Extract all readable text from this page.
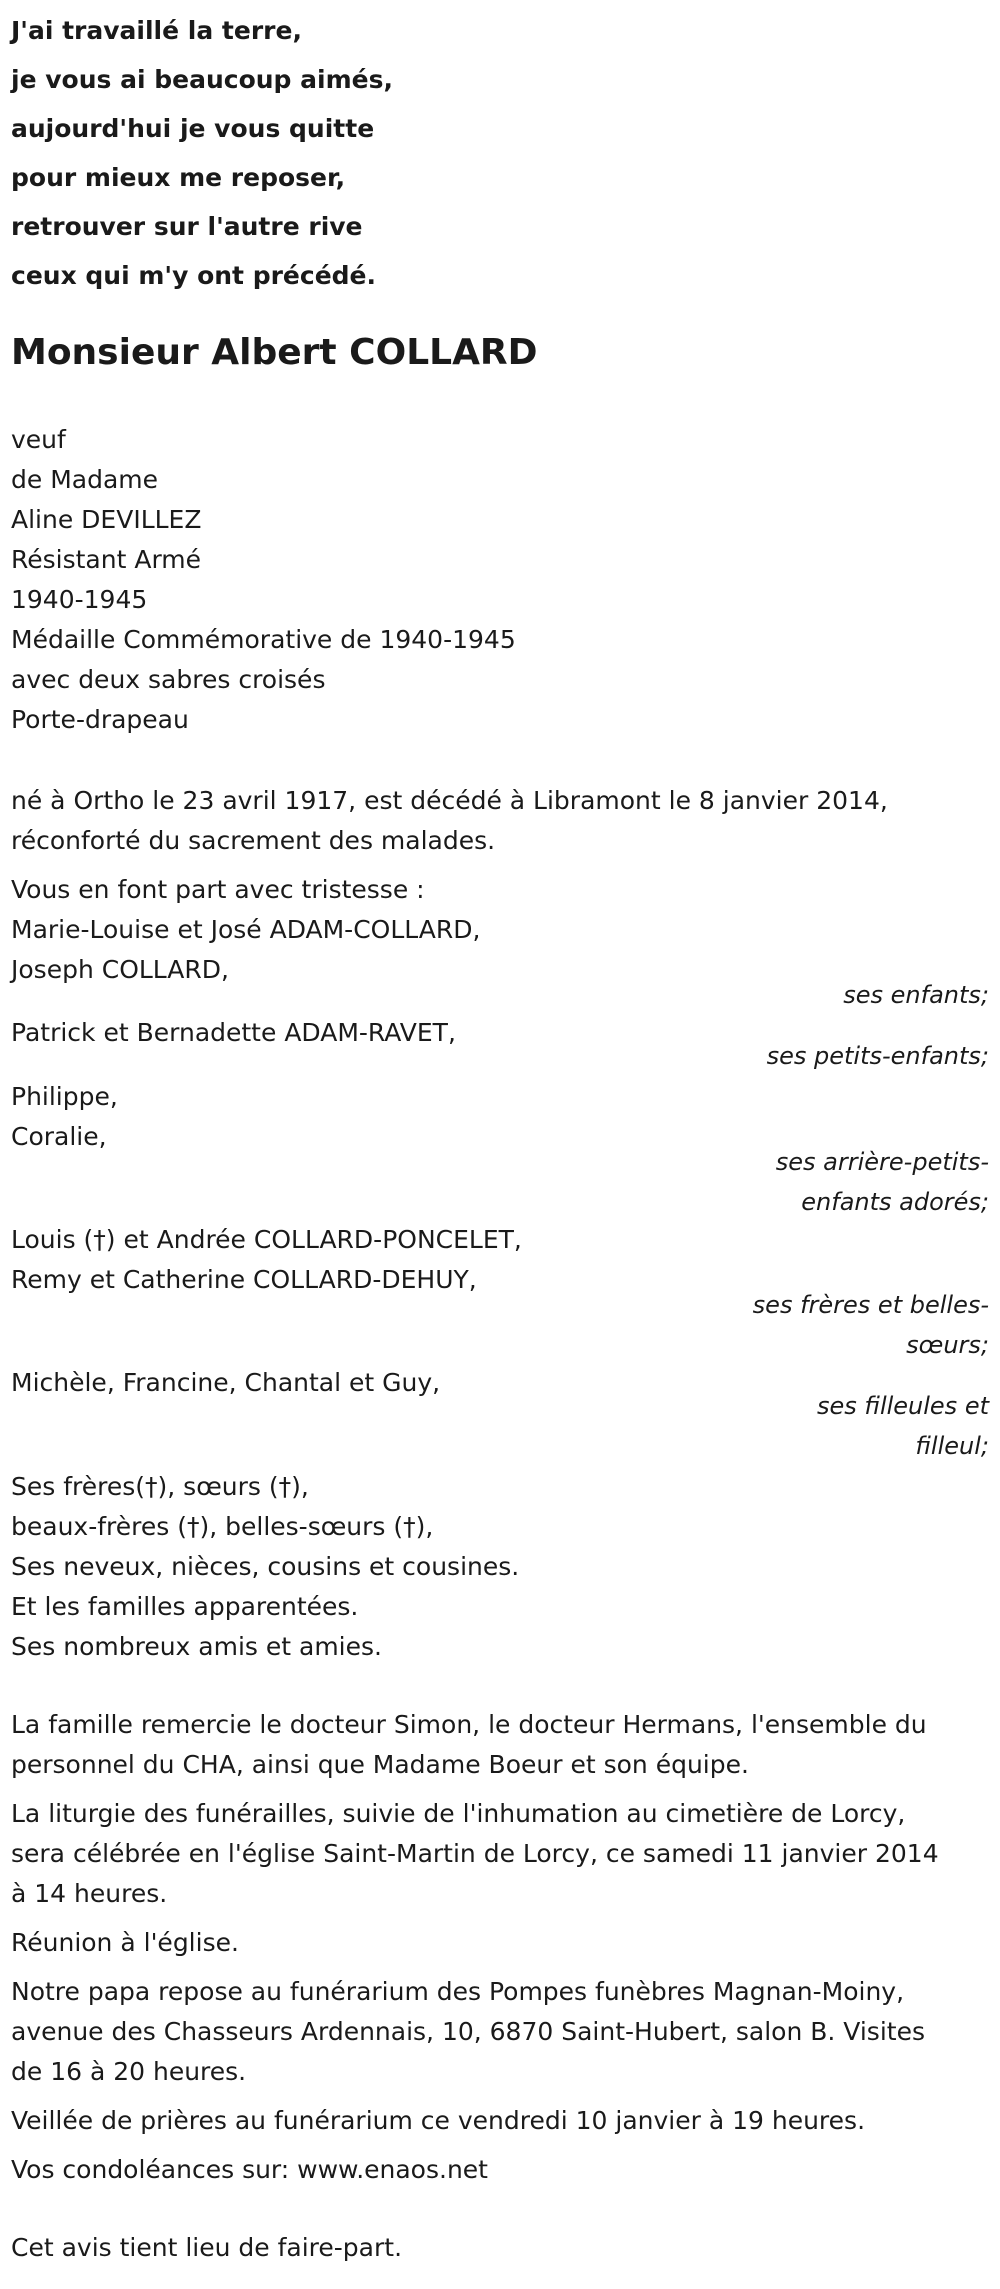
J'ai travaillé la terre,
je vous ai beaucoup aimés,
aujourd'hui je vous quitte
pour mieux me reposer,
retrouver sur l'autre rive
ceux qui m'y ont précédé.
Monsieur Albert COLLARD
veuf
de Madame
Aline DEVILLEZ
Résistant Armé
1940-1945
Médaille Commémorative de 1940-1945
avec deux sabres croisés
Porte-drapeau
né à Ortho le 23 avril 1917, est décédé à Libramont le 8 janvier 2014,
réconforté du sacrement des malades.
Vous en font part avec tristesse :
Marie-Louise et José ADAM-COLLARD,
Joseph COLLARD,
ses enfants;
Patrick et Bernadette ADAM-RAVET,
ses petits-enfants;
Philippe,
Coralie,
ses arrière-petits-
enfants adorés;
Louis (†) et Andrée COLLARD-PONCELET,
Remy et Catherine COLLARD-DEHUY,
ses frères et belles-
sœurs;
Michèle, Francine, Chantal et Guy,
ses filleules et
filleul;
Ses frères(†), sœurs (†),
beaux-frères (†), belles-sœurs (†),
Ses neveux, nièces, cousins et cousines.
Et les familles apparentées.
Ses nombreux amis et amies.
La famille remercie le docteur Simon, le docteur Hermans, l'ensemble du
personnel du CHA, ainsi que Madame Boeur et son équipe.
La liturgie des funérailles, suivie de l'inhumation au cimetière de Lorcy,
sera célébrée en l'église Saint-Martin de Lorcy, ce samedi 11 janvier 2014
à 14 heures.
Réunion à l'église.
Notre papa repose au funérarium des Pompes funèbres Magnan-Moiny,
avenue des Chasseurs Ardennais, 10, 6870 Saint-Hubert, salon B. Visites
de 16 à 20 heures.
Veillée de prières au funérarium ce vendredi 10 janvier à 19 heures.
Vos condoléances sur: www.enaos.net
Cet avis tient lieu de faire-part.
